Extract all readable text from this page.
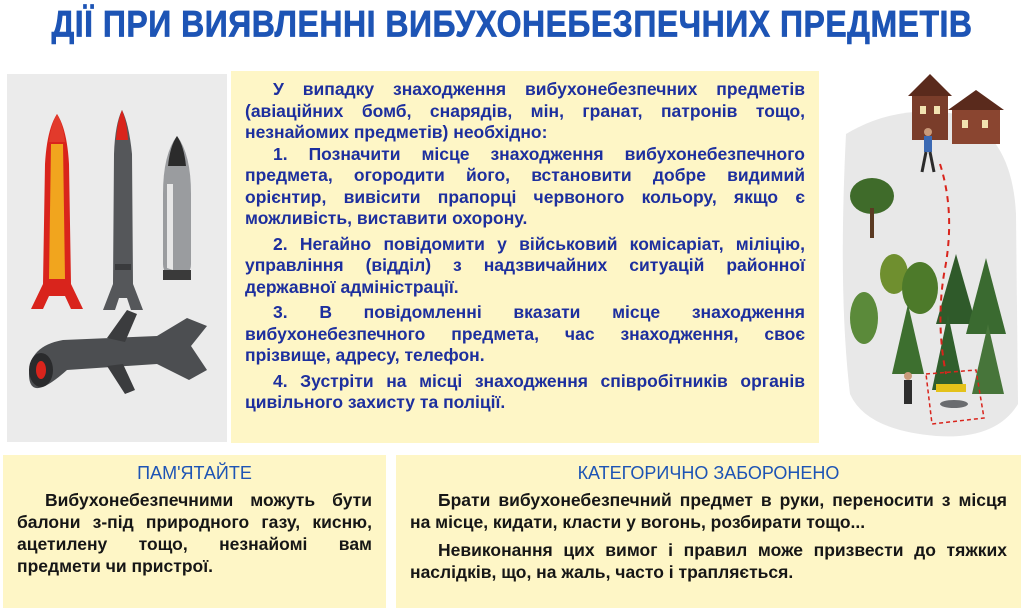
ДІЇ ПРИ ВИЯВЛЕННІ ВИБУХОНЕБЕЗПЕЧНИХ ПРЕДМЕТІВ

У випадку знаходження вибухонебезпечних предметів (авіаційних бомб, снарядів, мін, гранат, патронів тощо, незнайомих предметів) необхідно:

1. Позначити місце знаходження вибухонебезпечного предмета, огородити його, встановити добре видимий орієнтир, вивісити прапорці червоного кольору, якщо є можливість, виставити охорону.

2. Негайно повідомити у військовий комісаріат, міліцію, управління (відділ) з надзвичайних ситуацій районної державної адміністрації.

3. В повідомленні вказати місце знаходження вибухонебезпечного предмета, час знаходження, своє прізвище, адресу, телефон.

4. Зустріти на місці знаходження співробітників органів цивільного захисту та поліції.

ПАМ'ЯТАЙТЕ

Вибухонебезпечними можуть бути балони з-під природного газу, кисню, ацетилену тощо, незнайомі вам предмети чи пристрої.

КАТЕГОРИЧНО ЗАБОРОНЕНО

Брати вибухонебезпечний предмет в руки, переносити з місця на місце, кидати, класти у вогонь, розбирати тощо...

Невиконання цих вимог і правил може призвести до тяжких наслідків, що, на жаль, часто і трапляється.
